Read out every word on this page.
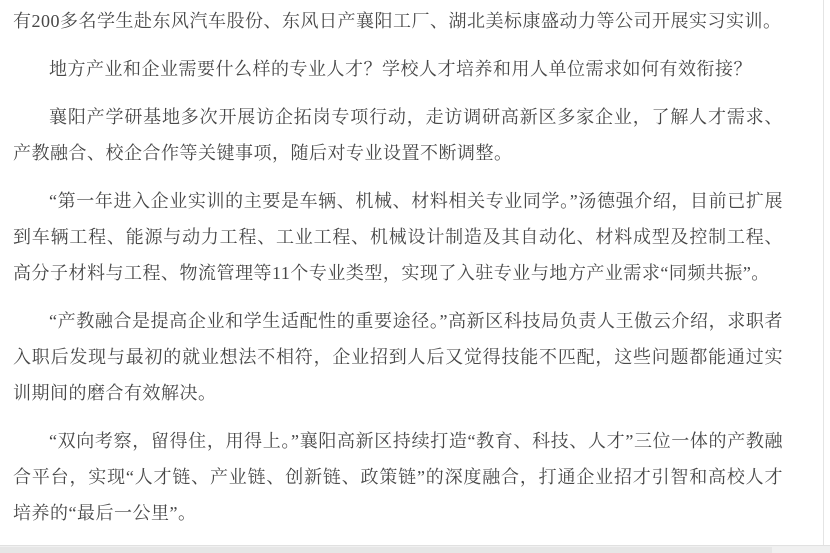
有200多名学生赴东风汽车股份、东风日产襄阳工厂、湖北美标康盛动力等公司开展实习实训。

地方产业和企业需要什么样的专业人才？学校人才培养和用人单位需求如何有效衔接？

襄阳产学研基地多次开展访企拓岗专项行动，走访调研高新区多家企业，了解人才需求、产教融合、校企合作等关键事项，随后对专业设置不断调整。

“第一年进入企业实训的主要是车辆、机械、材料相关专业同学。”汤德强介绍，目前已扩展到车辆工程、能源与动力工程、工业工程、机械设计制造及其自动化、材料成型及控制工程、高分子材料与工程、物流管理等11个专业类型，实现了入驻专业与地方产业需求“同频共振”。

“产教融合是提高企业和学生适配性的重要途径。”高新区科技局负责人王傲云介绍，求职者入职后发现与最初的就业想法不相符，企业招到人后又觉得技能不匹配，这些问题都能通过实训期间的磨合有效解决。

“双向考察，留得住，用得上。”襄阳高新区持续打造“教育、科技、人才”三位一体的产教融合平台，实现“人才链、产业链、创新链、政策链”的深度融合，打通企业招才引智和高校人才培养的“最后一公里”。
